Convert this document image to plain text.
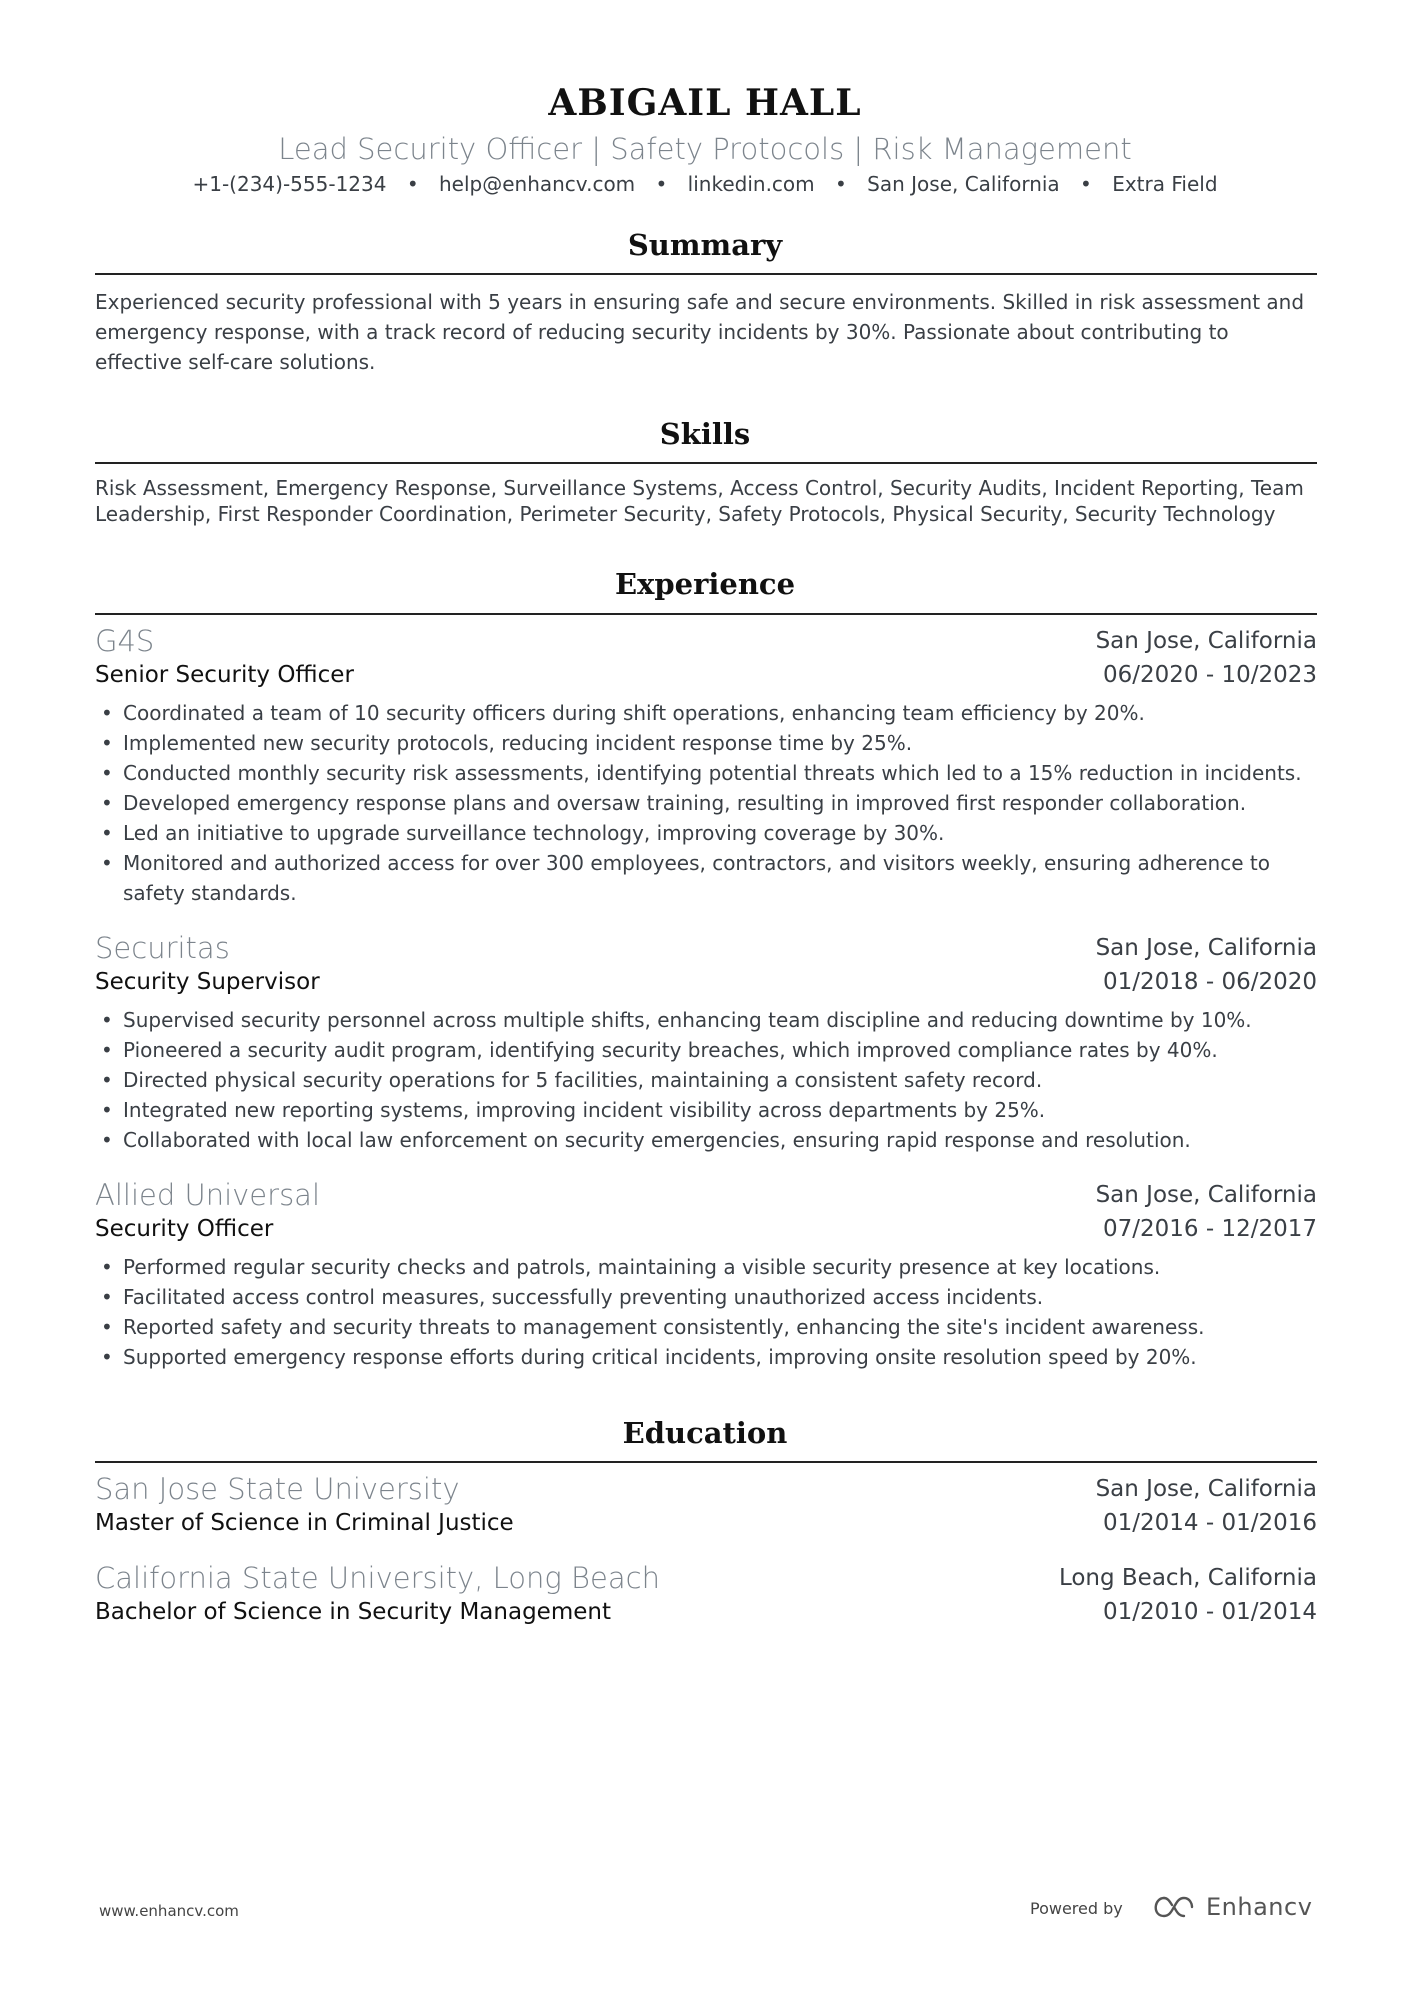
ABIGAIL HALL
Lead Security Officer | Safety Protocols | Risk Management
+1-(234)-555-1234 • help@enhancv.com • linkedin.com • San Jose, California • Extra Field
Summary
Experienced security professional with 5 years in ensuring safe and secure environments. Skilled in risk assessment and emergency response, with a track record of reducing security incidents by 30%. Passionate about contributing to effective self-care solutions.
Skills
Risk Assessment, Emergency Response, Surveillance Systems, Access Control, Security Audits, Incident Reporting, Team Leadership, First Responder Coordination, Perimeter Security, Safety Protocols, Physical Security, Security Technology
Experience
G4S	San Jose, California
Senior Security Officer	06/2020 - 10/2023
• Coordinated a team of 10 security officers during shift operations, enhancing team efficiency by 20%.
• Implemented new security protocols, reducing incident response time by 25%.
• Conducted monthly security risk assessments, identifying potential threats which led to a 15% reduction in incidents.
• Developed emergency response plans and oversaw training, resulting in improved first responder collaboration.
• Led an initiative to upgrade surveillance technology, improving coverage by 30%.
• Monitored and authorized access for over 300 employees, contractors, and visitors weekly, ensuring adherence to safety standards.
Securitas	San Jose, California
Security Supervisor	01/2018 - 06/2020
• Supervised security personnel across multiple shifts, enhancing team discipline and reducing downtime by 10%.
• Pioneered a security audit program, identifying security breaches, which improved compliance rates by 40%.
• Directed physical security operations for 5 facilities, maintaining a consistent safety record.
• Integrated new reporting systems, improving incident visibility across departments by 25%.
• Collaborated with local law enforcement on security emergencies, ensuring rapid response and resolution.
Allied Universal	San Jose, California
Security Officer	07/2016 - 12/2017
• Performed regular security checks and patrols, maintaining a visible security presence at key locations.
• Facilitated access control measures, successfully preventing unauthorized access incidents.
• Reported safety and security threats to management consistently, enhancing the site's incident awareness.
• Supported emergency response efforts during critical incidents, improving onsite resolution speed by 20%.
Education
San Jose State University	San Jose, California
Master of Science in Criminal Justice	01/2014 - 01/2016
California State University, Long Beach	Long Beach, California
Bachelor of Science in Security Management	01/2010 - 01/2014
www.enhancv.com	Powered by	Enhancv
